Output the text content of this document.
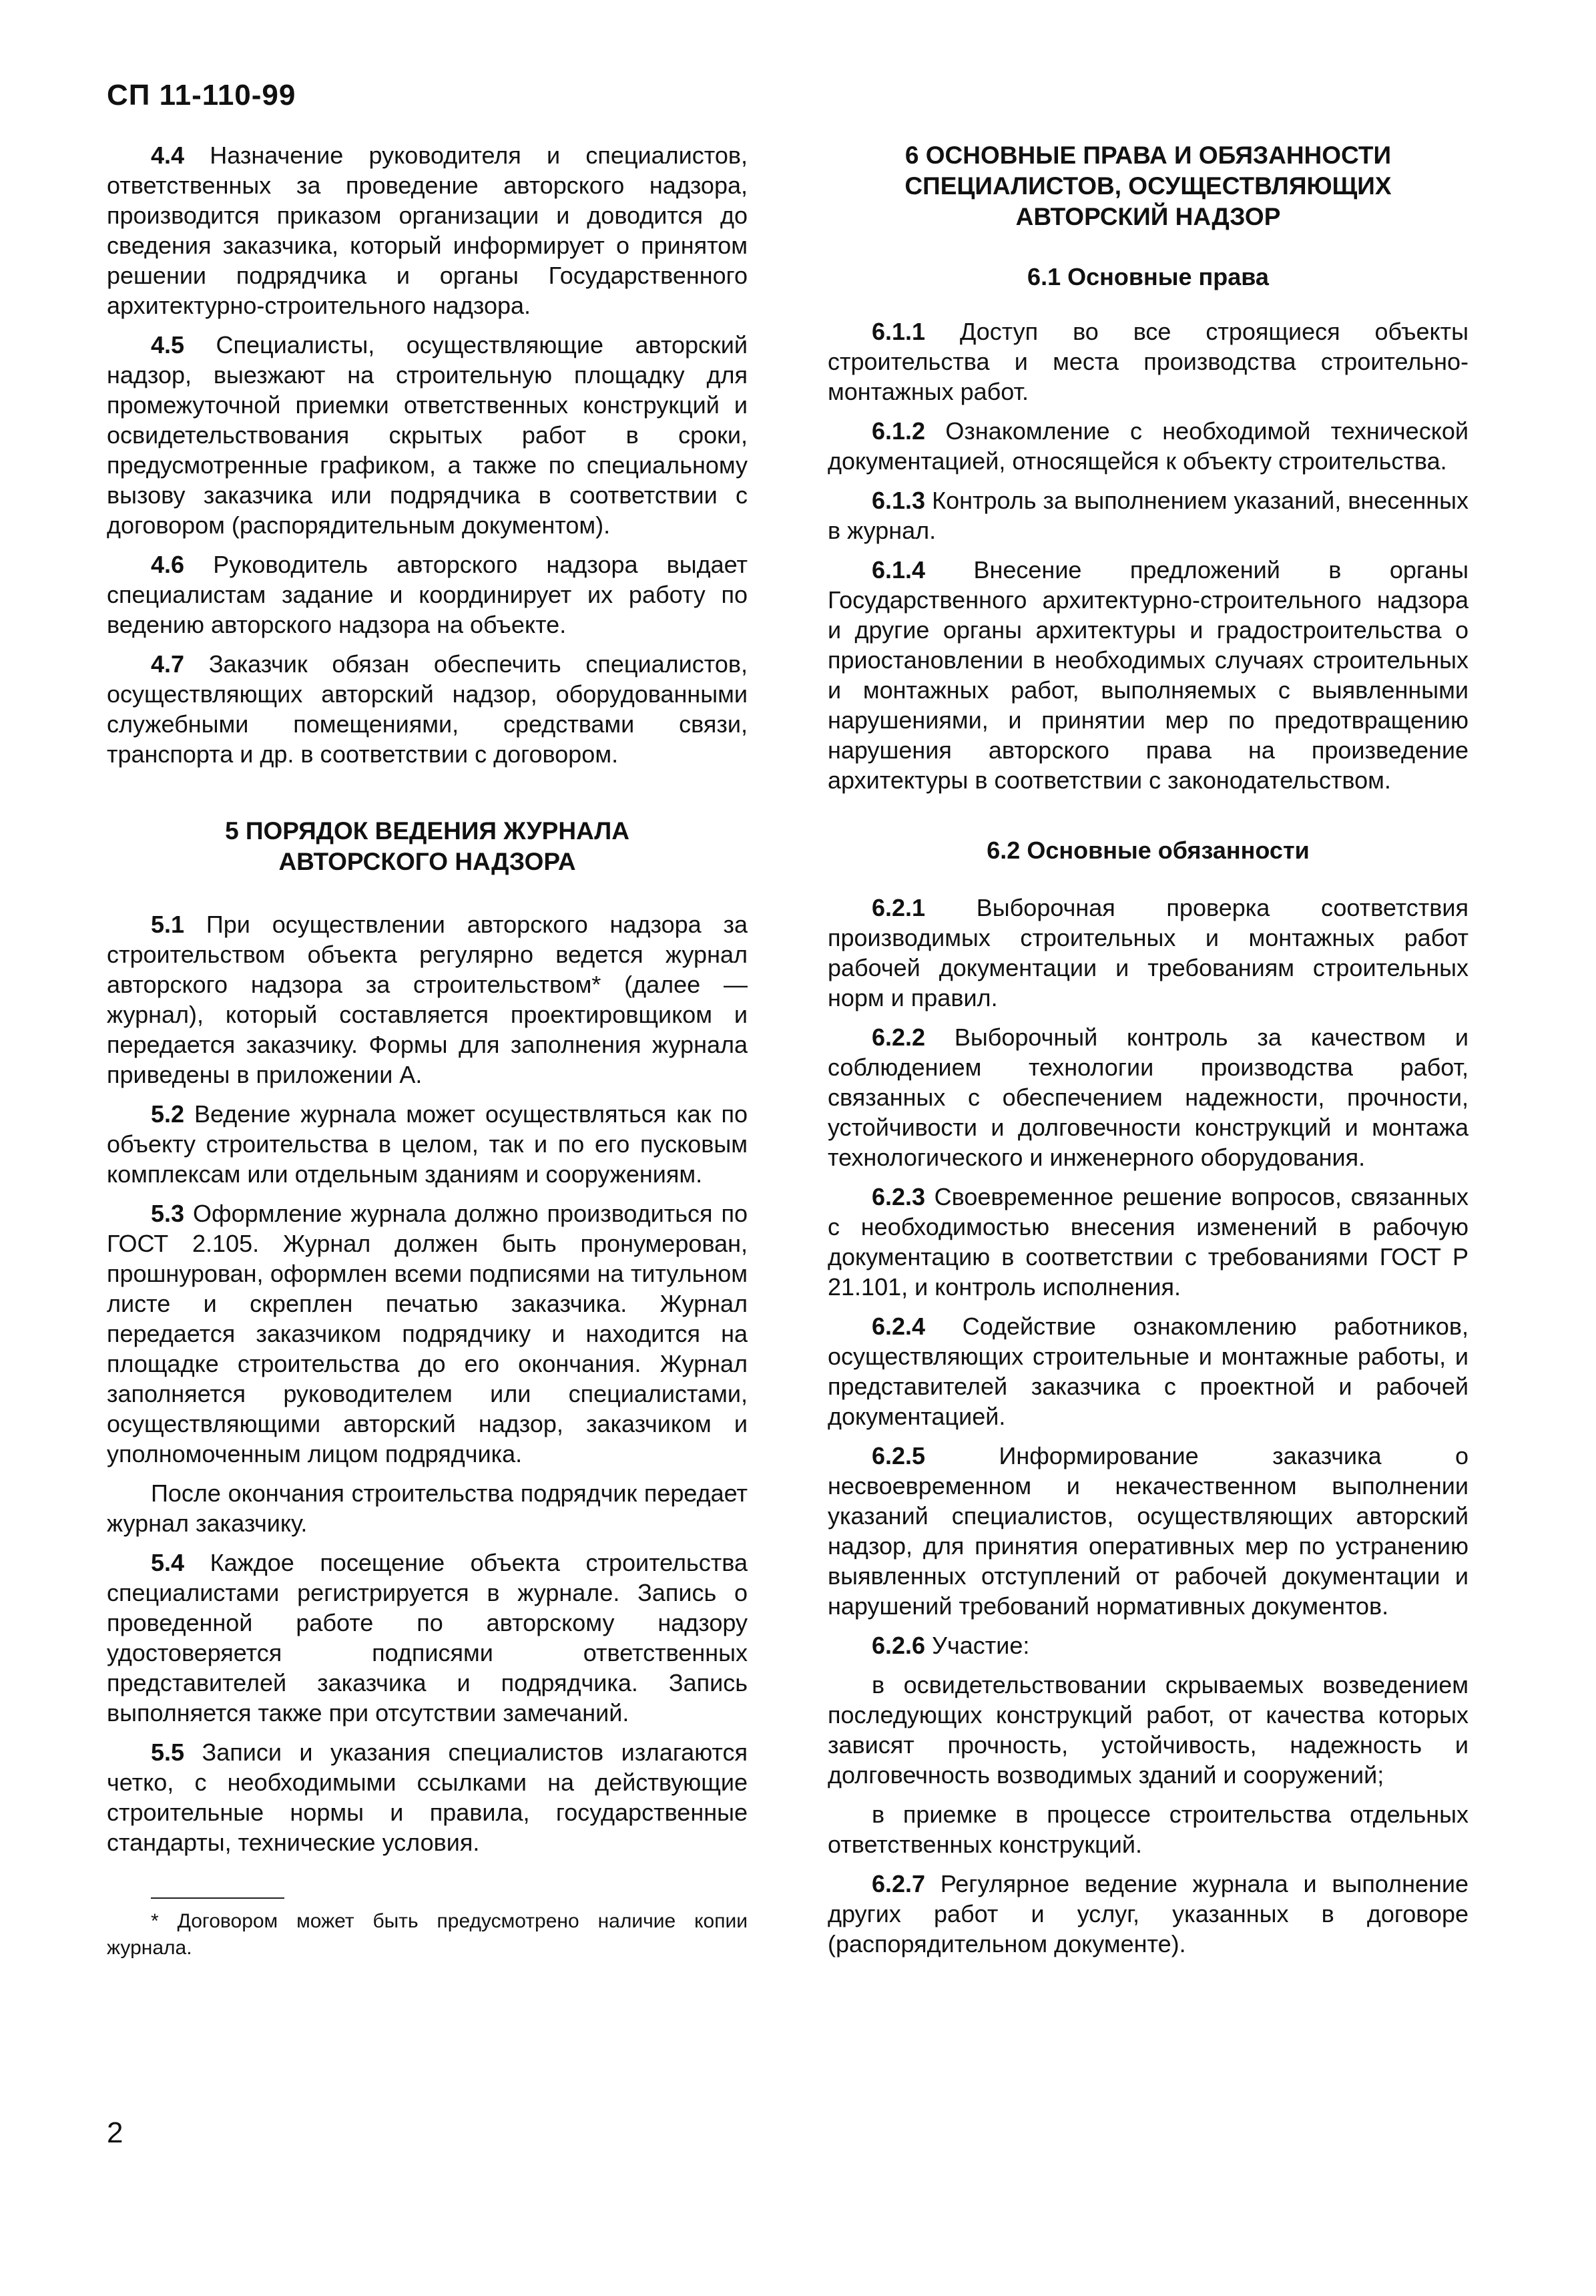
СП 11-110-99

4.4 Назначение руководителя и специалистов, ответственных за проведение авторского надзора, производится приказом организации и доводится до сведения заказчика, который информирует о принятом решении подрядчика и органы Государственного архитектурно-строительного надзора.

4.5 Специалисты, осуществляющие авторский надзор, выезжают на строительную площадку для промежуточной приемки ответственных конструкций и освидетельствования скрытых работ в сроки, предусмотренные графиком, а также по специальному вызову заказчика или подрядчика в соответствии с договором (распорядительным документом).

4.6 Руководитель авторского надзора выдает специалистам задание и координирует их работу по ведению авторского надзора на объекте.

4.7 Заказчик обязан обеспечить специалистов, осуществляющих авторский надзор, оборудованными служебными помещениями, средствами связи, транспорта и др. в соответствии с договором.

5 ПОРЯДОК ВЕДЕНИЯ ЖУРНАЛА АВТОРСКОГО НАДЗОРА

5.1 При осуществлении авторского надзора за строительством объекта регулярно ведется журнал авторского надзора за строительством* (далее — журнал), который составляется проектировщиком и передается заказчику. Формы для заполнения журнала приведены в приложении А.

5.2 Ведение журнала может осуществляться как по объекту строительства в целом, так и по его пусковым комплексам или отдельным зданиям и сооружениям.

5.3 Оформление журнала должно производиться по ГОСТ 2.105. Журнал должен быть пронумерован, прошнурован, оформлен всеми подписями на титульном листе и скреплен печатью заказчика. Журнал передается заказчиком подрядчику и находится на площадке строительства до его окончания. Журнал заполняется руководителем или специалистами, осуществляющими авторский надзор, заказчиком и уполномоченным лицом подрядчика.

После окончания строительства подрядчик передает журнал заказчику.

5.4 Каждое посещение объекта строительства специалистами регистрируется в журнале. Запись о проведенной работе по авторскому надзору удостоверяется подписями ответственных представителей заказчика и подрядчика. Запись выполняется также при отсутствии замечаний.

5.5 Записи и указания специалистов излагаются четко, с необходимыми ссылками на действующие строительные нормы и правила, государственные стандарты, технические условия.

* Договором может быть предусмотрено наличие копии журнала.

6 ОСНОВНЫЕ ПРАВА И ОБЯЗАННОСТИ СПЕЦИАЛИСТОВ, ОСУЩЕСТВЛЯЮЩИХ АВТОРСКИЙ НАДЗОР
6.1 Основные права

6.1.1 Доступ во все строящиеся объекты строительства и места производства строительно-монтажных работ.

6.1.2 Ознакомление с необходимой технической документацией, относящейся к объекту строительства.

6.1.3 Контроль за выполнением указаний, внесенных в журнал.

6.1.4 Внесение предложений в органы Государственного архитектурно-строительного надзора и другие органы архитектуры и градостроительства о приостановлении в необходимых случаях строительных и монтажных работ, выполняемых с выявленными нарушениями, и принятии мер по предотвращению нарушения авторского права на произведение архитектуры в соответствии с законодательством.

6.2 Основные обязанности

6.2.1 Выборочная проверка соответствия производимых строительных и монтажных работ рабочей документации и требованиям строительных норм и правил.

6.2.2 Выборочный контроль за качеством и соблюдением технологии производства работ, связанных с обеспечением надежности, прочности, устойчивости и долговечности конструкций и монтажа технологического и инженерного оборудования.

6.2.3 Своевременное решение вопросов, связанных с необходимостью внесения изменений в рабочую документацию в соответствии с требованиями ГОСТ Р 21.101, и контроль исполнения.

6.2.4 Содействие ознакомлению работников, осуществляющих строительные и монтажные работы, и представителей заказчика с проектной и рабочей документацией.

6.2.5	Информирование заказчика о несвоевременном и некачественном выполнении указаний специалистов, осуществляющих авторский надзор, для принятия оперативных мер по устранению выявленных отступлений от рабочей документации и нарушений требований нормативных документов.

6.2.6 Участие:

в освидетельствовании скрываемых возведением последующих конструкций работ, от качества которых зависят прочность, устойчивость, надежность и долговечность возводимых зданий и сооружений;

в приемке в процессе строительства отдельных ответственных конструкций.

6.2.7 Регулярное ведение журнала и выполнение других работ и услуг, указанных в договоре (распорядительном документе).

2
